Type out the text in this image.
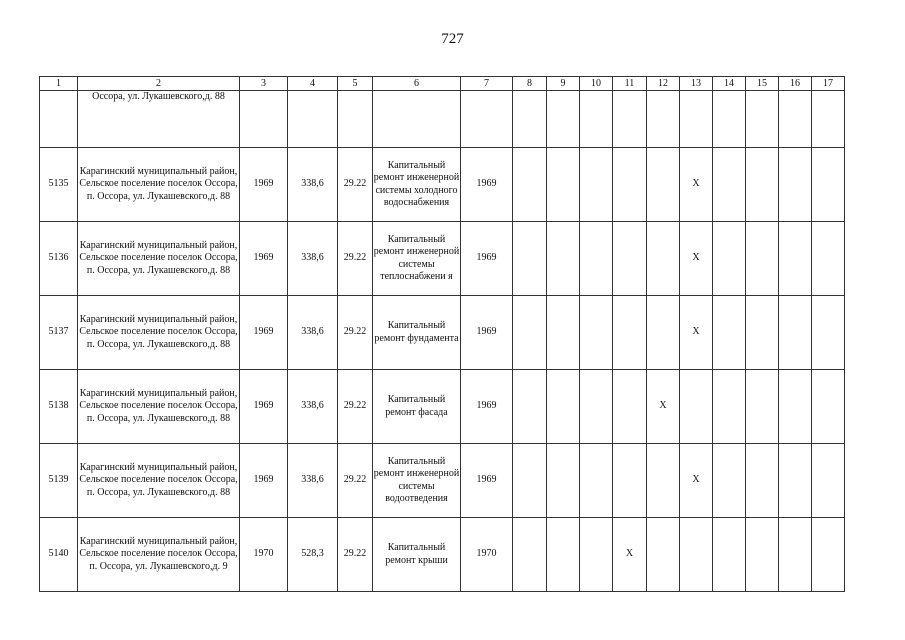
727
1	2	3	4	5	6	7	8	9	10	11	12	13	14	15	16	17
	Оссора, ул. Лукашевского,д. 88															
5135	Карагинский муниципальный район, Сельское поселение поселок Оссора, п. Оссора, ул. Лукашевского,д. 88	1969	338,6	29.22	Капитальный ремонт инженерной системы холодного водоснабжения	1969						X				
5136	Карагинский муниципальный район, Сельское поселение поселок Оссора, п. Оссора, ул. Лукашевского,д. 88	1969	338,6	29.22	Капитальный ремонт инженерной системы теплоснабжени я	1969						X				
5137	Карагинский муниципальный район, Сельское поселение поселок Оссора, п. Оссора, ул. Лукашевского,д. 88	1969	338,6	29.22	Капитальный ремонт фундамента	1969						X				
5138	Карагинский муниципальный район, Сельское поселение поселок Оссора, п. Оссора, ул. Лукашевского,д. 88	1969	338,6	29.22	Капитальный ремонт фасада	1969					X					
5139	Карагинский муниципальный район, Сельское поселение поселок Оссора, п. Оссора, ул. Лукашевского,д. 88	1969	338,6	29.22	Капитальный ремонт инженерной системы водоотведения	1969						X				
5140	Карагинский муниципальный район, Сельское поселение поселок Оссора, п. Оссора, ул. Лукашевского,д. 9	1970	528,3	29.22	Капитальный ремонт крыши	1970				X						
